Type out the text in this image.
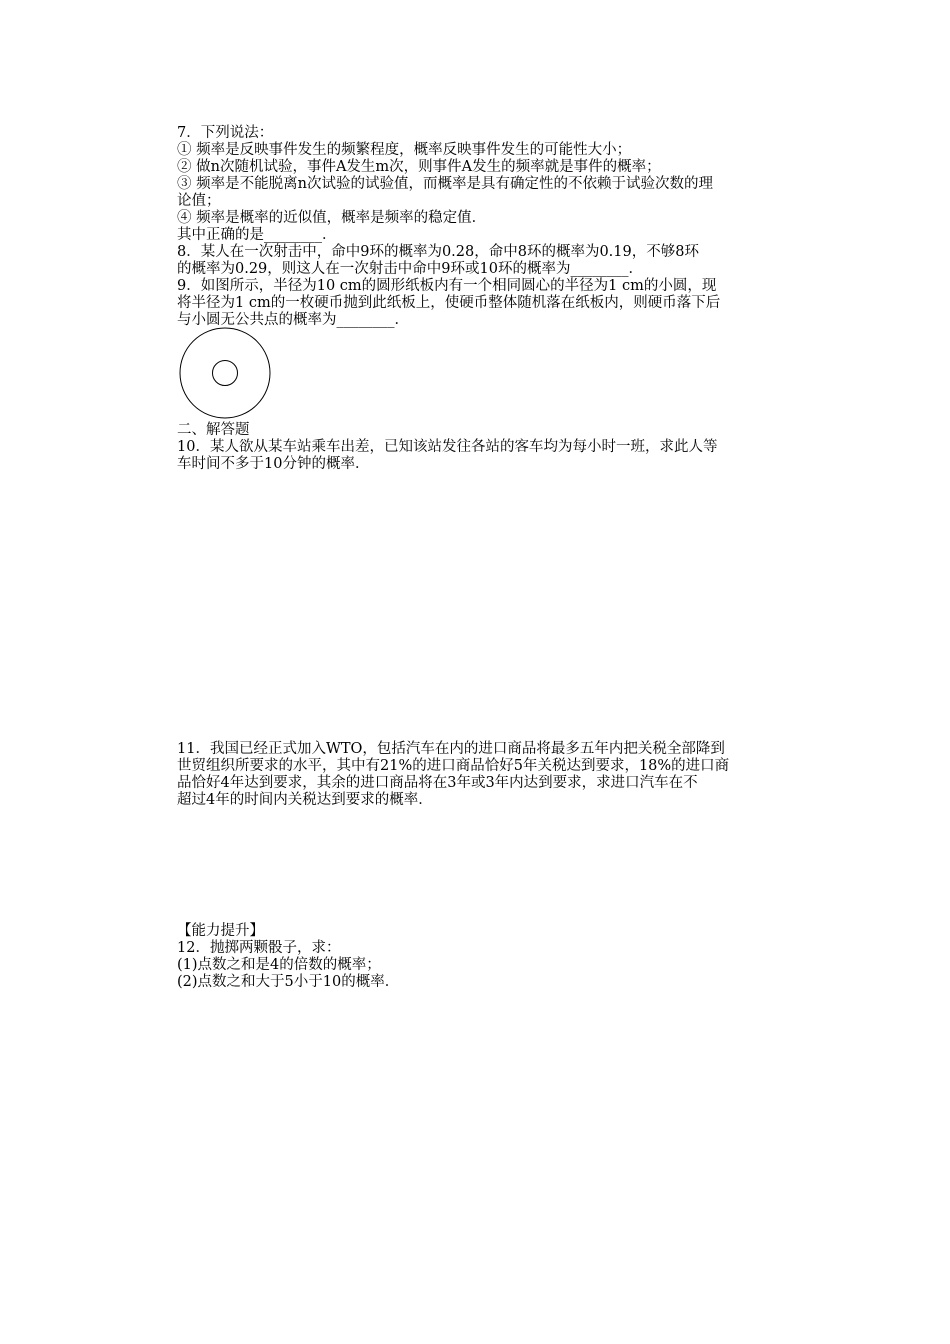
7．下列说法：
① 频率是反映事件发生的频繁程度，概率反映事件发生的可能性大小；
② 做n次随机试验，事件A发生m次，则事件A发生的频率就是事件的概率；
③ 频率是不能脱离n次试验的试验值，而概率是具有确定性的不依赖于试验次数的理
论值；
④ 频率是概率的近似值，概率是频率的稳定值．
其中正确的是________．
8．某人在一次射击中，命中9环的概率为0.28，命中8环的概率为0.19，不够8环
的概率为0.29，则这人在一次射击中命中9环或10环的概率为________．
9．如图所示，半径为10 cm的圆形纸板内有一个相同圆心的半径为1 cm的小圆，现
将半径为1 cm的一枚硬币抛到此纸板上，使硬币整体随机落在纸板内，则硬币落下后
与小圆无公共点的概率为________．
二、解答题
10．某人欲从某车站乘车出差，已知该站发往各站的客车均为每小时一班，求此人等
车时间不多于10分钟的概率．
11．我国已经正式加入WTO，包括汽车在内的进口商品将最多五年内把关税全部降到
世贸组织所要求的水平，其中有21%的进口商品恰好5年关税达到要求，18%的进口商
品恰好4年达到要求，其余的进口商品将在3年或3年内达到要求，求进口汽车在不
超过4年的时间内关税达到要求的概率．
【能力提升】
12．抛掷两颗骰子，求：
(1)点数之和是4的倍数的概率；
(2)点数之和大于5小于10的概率．
